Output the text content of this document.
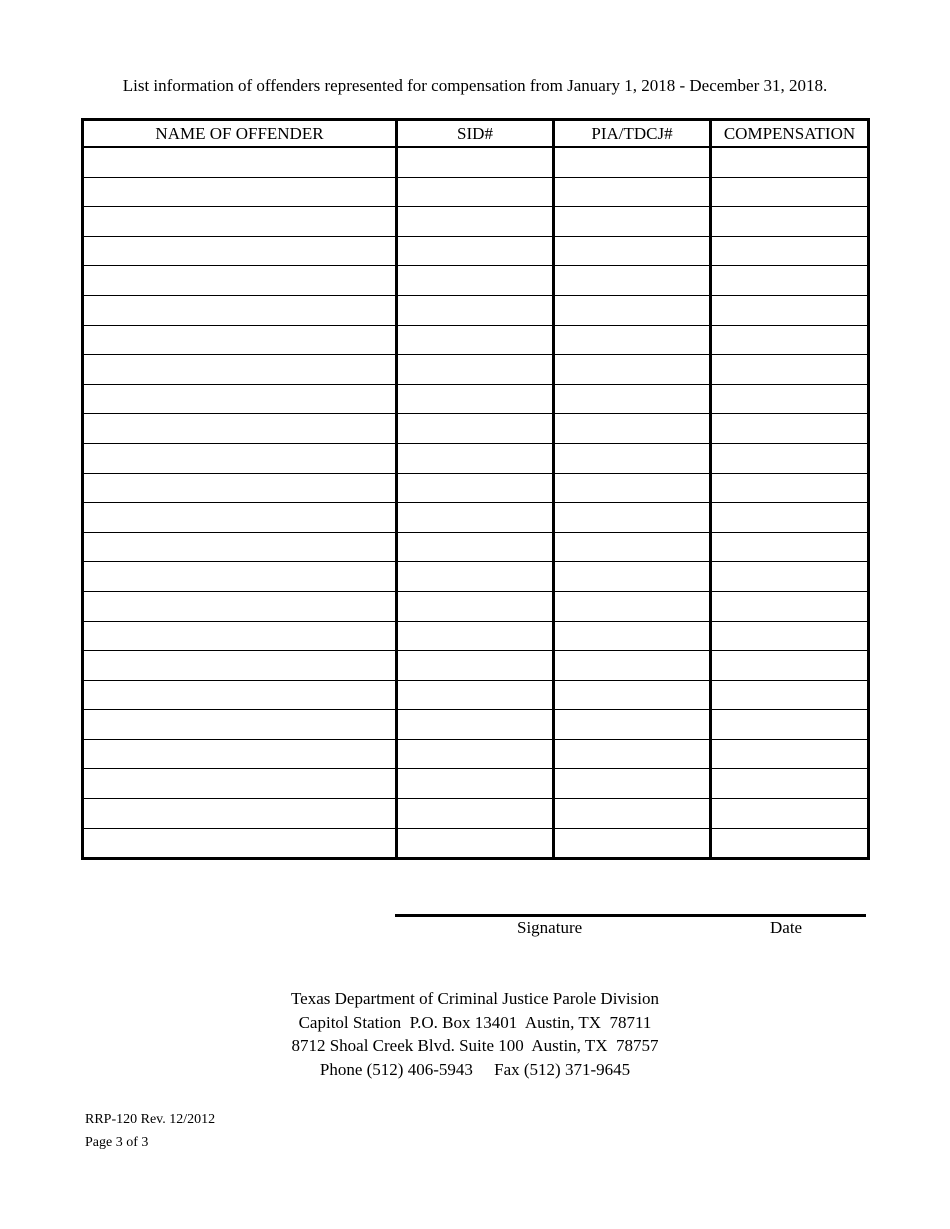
List information of offenders represented for compensation from January 1, 2018 - December 31, 2018.
NAME OF OFFENDER	SID#	PIA/TDCJ#	COMPENSATION

Signature	Date
Texas Department of Criminal Justice Parole Division
Capitol Station  P.O. Box 13401  Austin, TX  78711
8712 Shoal Creek Blvd. Suite 100  Austin, TX  78757
Phone (512) 406-5943     Fax (512) 371-9645
RRP-120 Rev. 12/2012
Page 3 of 3
